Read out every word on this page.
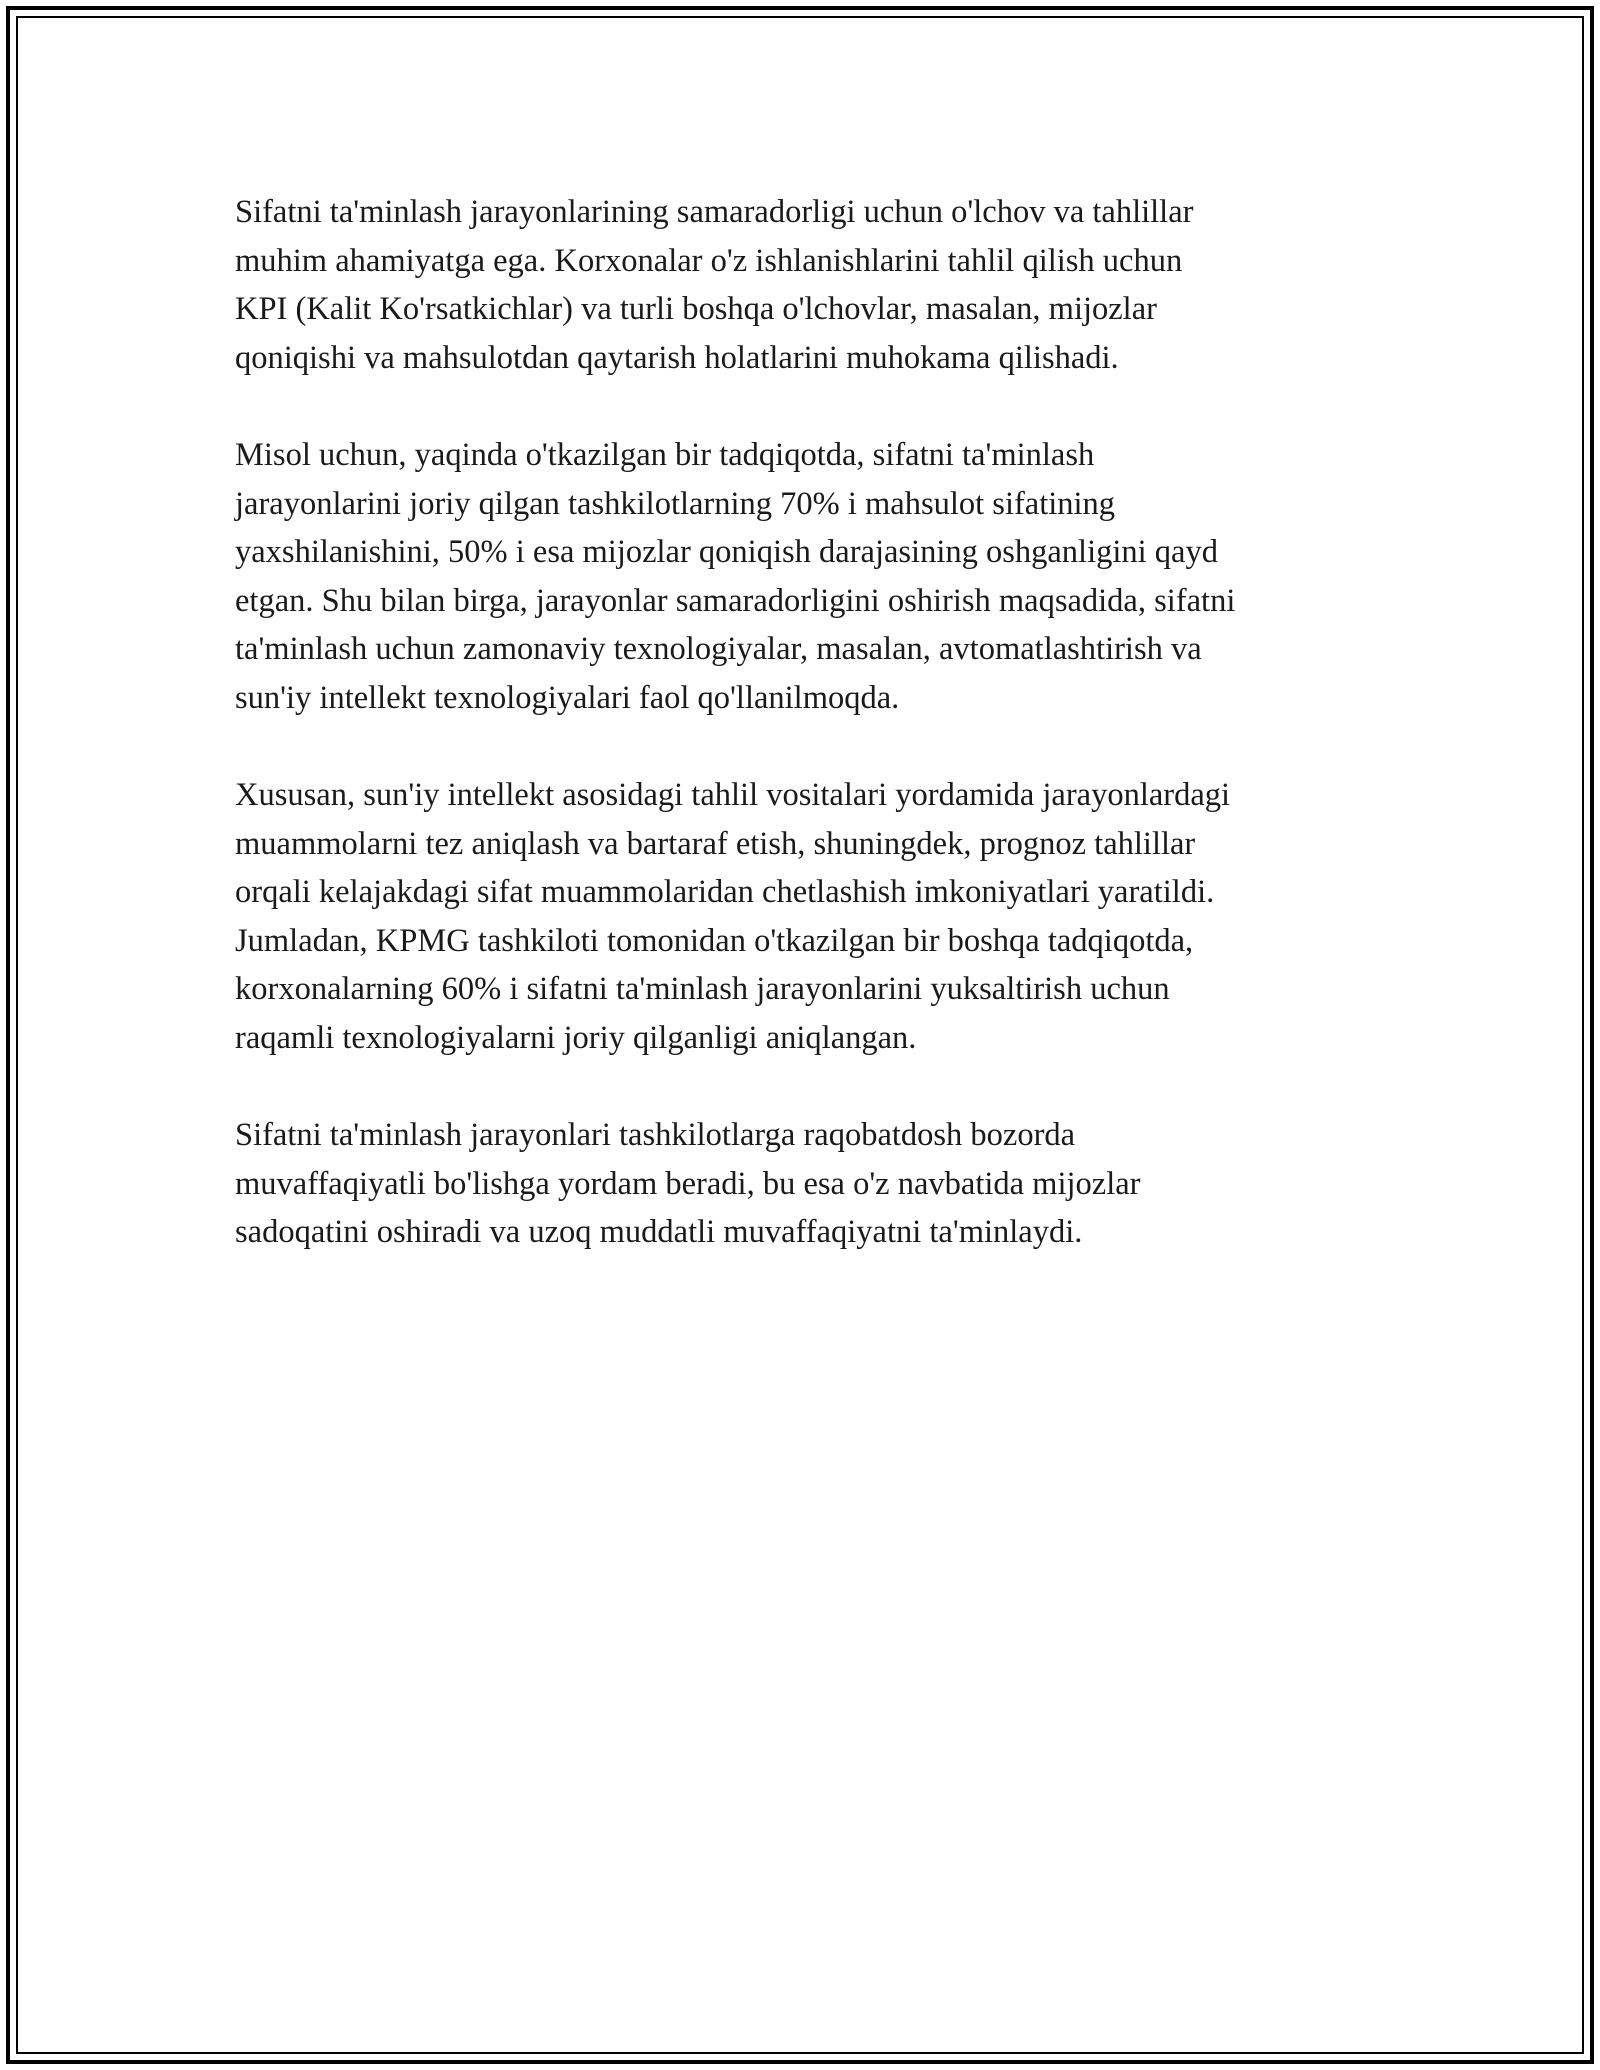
Sifatni ta'minlash jarayonlarining samaradorligi uchun o'lchov va tahlillar
muhim ahamiyatga ega. Korxonalar o'z ishlanishlarini tahlil qilish uchun
KPI (Kalit Ko'rsatkichlar) va turli boshqa o'lchovlar, masalan, mijozlar
qoniqishi va mahsulotdan qaytarish holatlarini muhokama qilishadi.

Misol uchun, yaqinda o'tkazilgan bir tadqiqotda, sifatni ta'minlash
jarayonlarini joriy qilgan tashkilotlarning 70% i mahsulot sifatining
yaxshilanishini, 50% i esa mijozlar qoniqish darajasining oshganligini qayd
etgan. Shu bilan birga, jarayonlar samaradorligini oshirish maqsadida, sifatni
ta'minlash uchun zamonaviy texnologiyalar, masalan, avtomatlashtirish va
sun'iy intellekt texnologiyalari faol qo'llanilmoqda.

Xususan, sun'iy intellekt asosidagi tahlil vositalari yordamida jarayonlardagi
muammolarni tez aniqlash va bartaraf etish, shuningdek, prognoz tahlillar
orqali kelajakdagi sifat muammolaridan chetlashish imkoniyatlari yaratildi.
Jumladan, KPMG tashkiloti tomonidan o'tkazilgan bir boshqa tadqiqotda,
korxonalarning 60% i sifatni ta'minlash jarayonlarini yuksaltirish uchun
raqamli texnologiyalarni joriy qilganligi aniqlangan.

Sifatni ta'minlash jarayonlari tashkilotlarga raqobatdosh bozorda
muvaffaqiyatli bo'lishga yordam beradi, bu esa o'z navbatida mijozlar
sadoqatini oshiradi va uzoq muddatli muvaffaqiyatni ta'minlaydi.
